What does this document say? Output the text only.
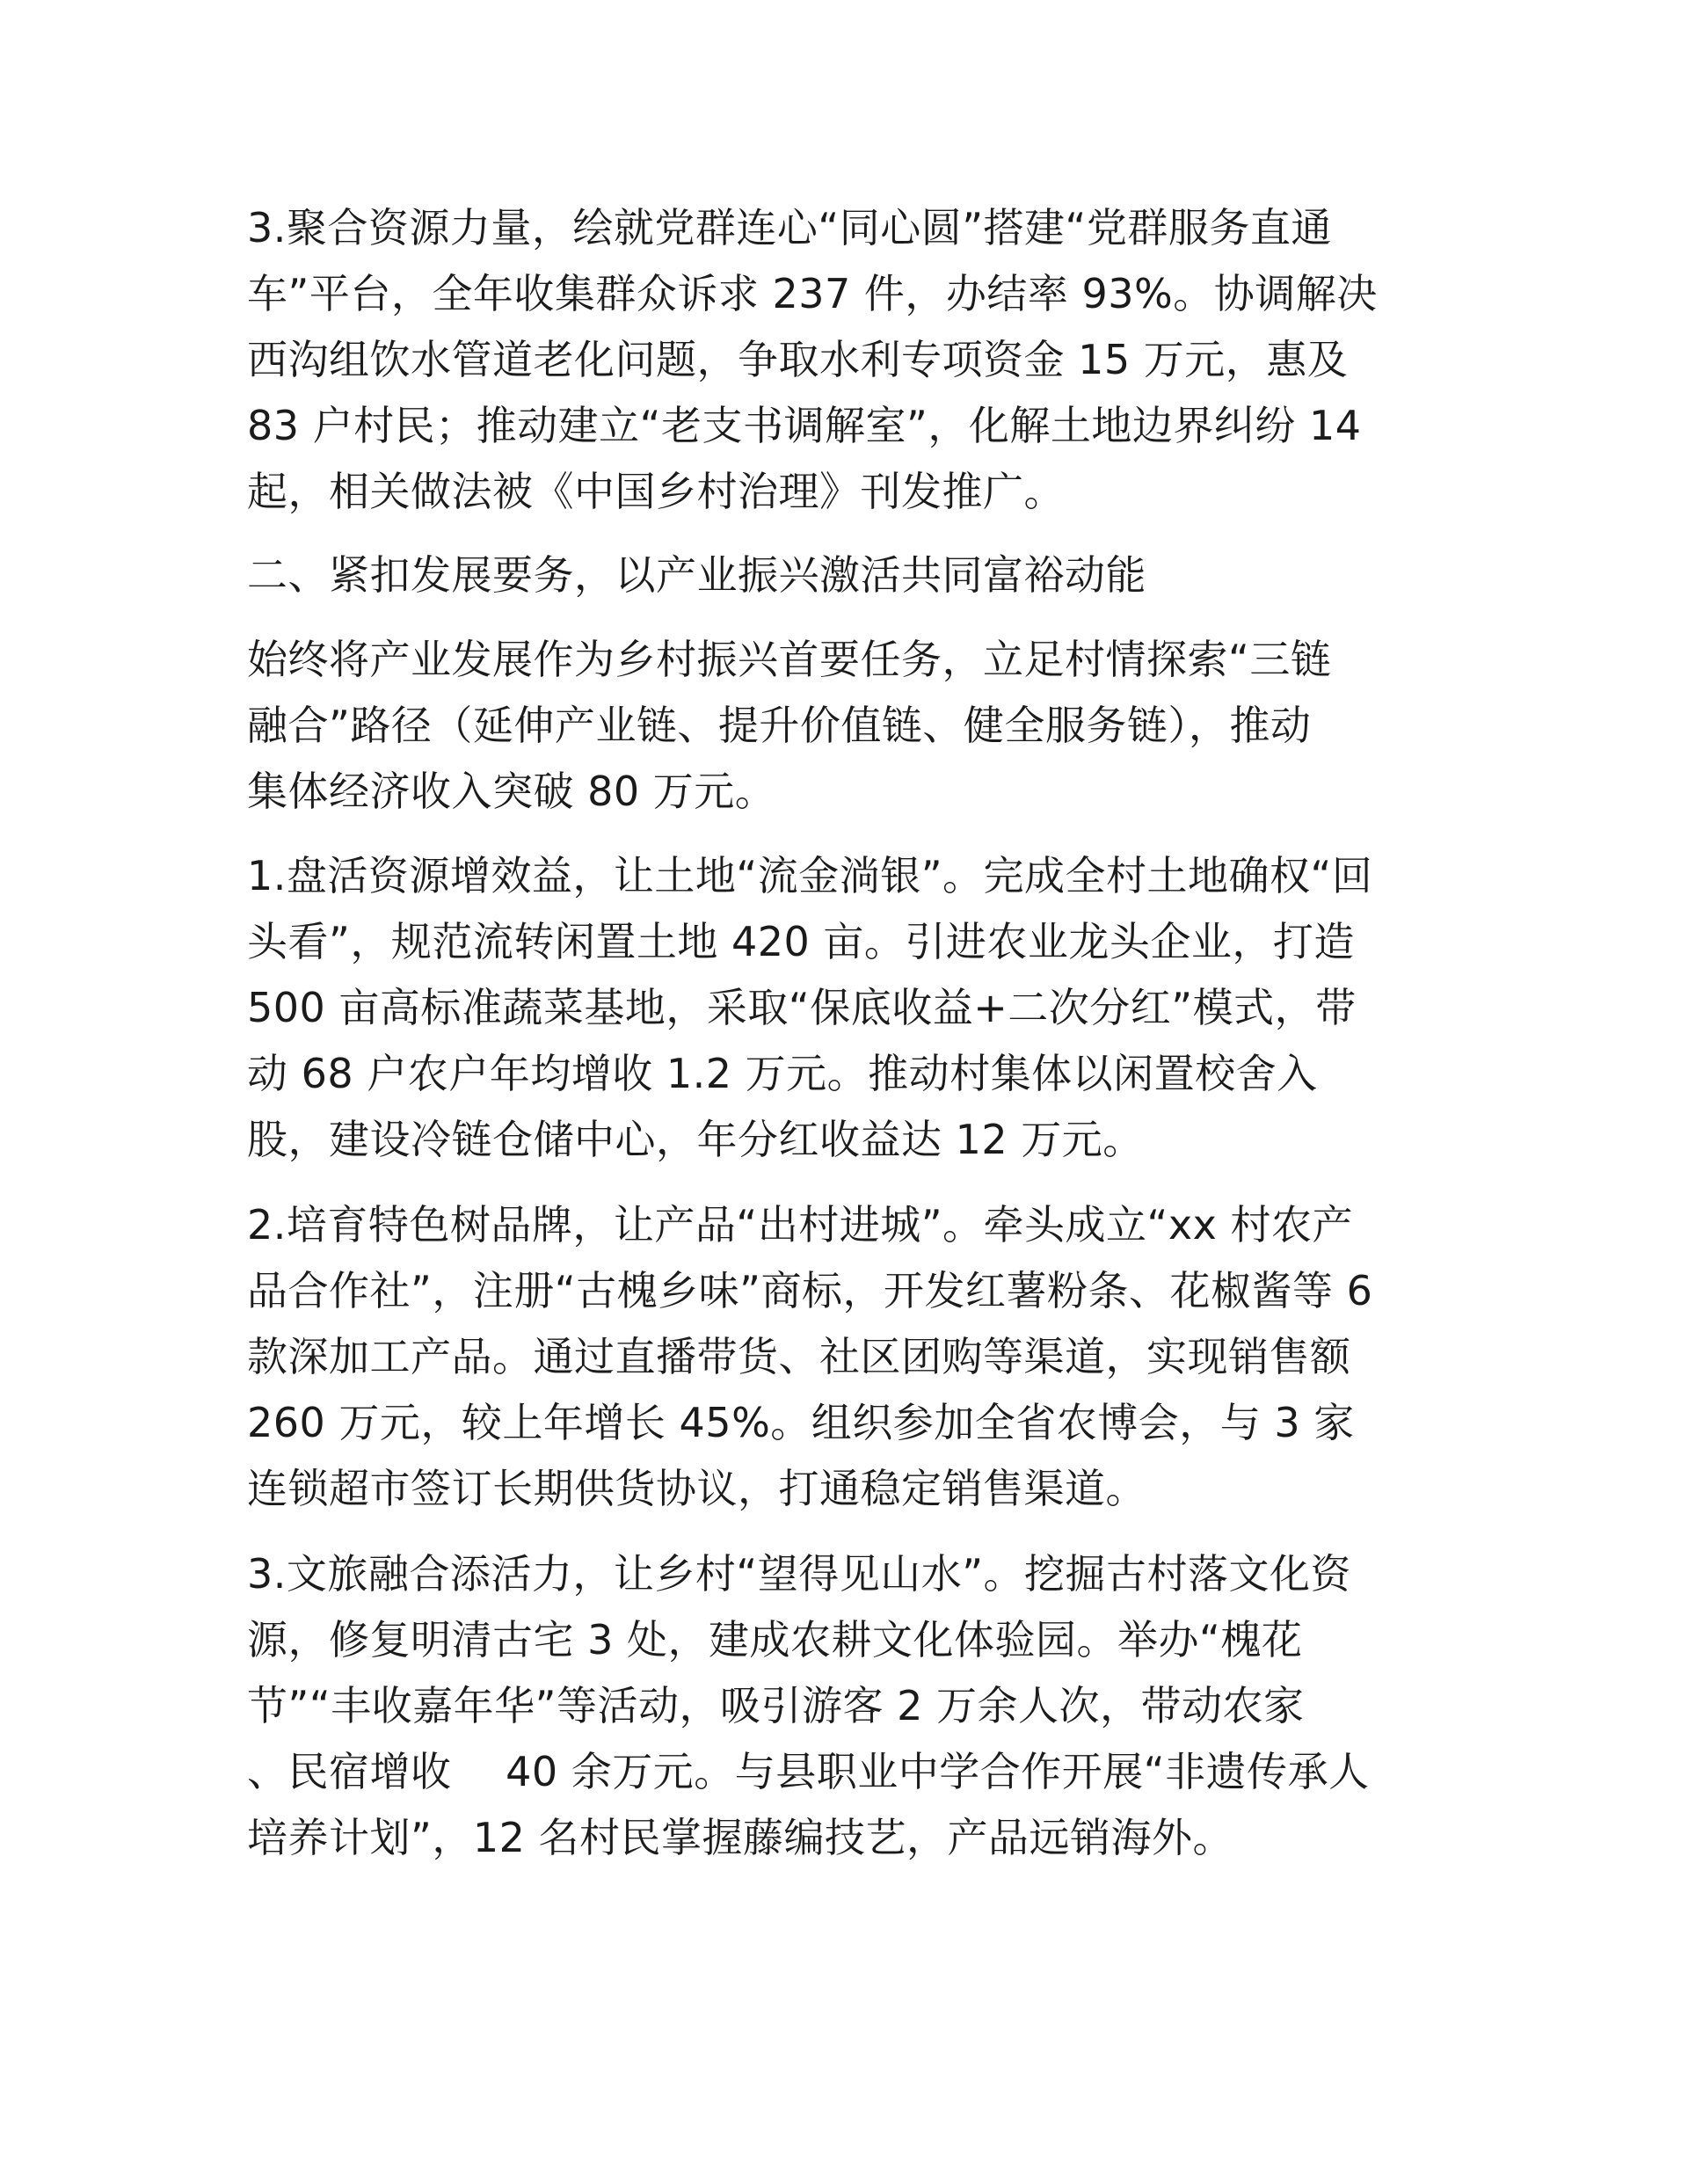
3.聚合资源力量，绘就党群连心“同心圆”搭建“党群服务直通
车”平台，全年收集群众诉求 237 件，办结率 93%。协调解决
西沟组饮水管道老化问题，争取水利专项资金 15 万元，惠及
83 户村民；推动建立“老支书调解室”，化解土地边界纠纷 14
起，相关做法被《中国乡村治理》刊发推广。

二、紧扣发展要务，以产业振兴激活共同富裕动能

始终将产业发展作为乡村振兴首要任务，立足村情探索“三链
融合”路径（延伸产业链、提升价值链、健全服务链），推动
集体经济收入突破 80 万元。

1.盘活资源增效益，让土地“流金淌银”。完成全村土地确权“回
头看”，规范流转闲置土地 420 亩。引进农业龙头企业，打造
500 亩高标准蔬菜基地，采取“保底收益+二次分红”模式，带
动 68 户农户年均增收 1.2 万元。推动村集体以闲置校舍入
股，建设冷链仓储中心，年分红收益达 12 万元。

2.培育特色树品牌，让产品“出村进城”。牵头成立“xx 村农产
品合作社”，注册“古槐乡味”商标，开发红薯粉条、花椒酱等 6
款深加工产品。通过直播带货、社区团购等渠道，实现销售额
260 万元，较上年增长 45%。组织参加全省农博会，与 3 家
连锁超市签订长期供货协议，打通稳定销售渠道。

3.文旅融合添活力，让乡村“望得见山水”。挖掘古村落文化资
源，修复明清古宅 3 处，建成农耕文化体验园。举办“槐花
节”“丰收嘉年华”等活动，吸引游客 2 万余人次，带动农家
、民宿增收　 40 余万元。与县职业中学合作开展“非遗传承人
培养计划”，12 名村民掌握藤编技艺，产品远销海外。
